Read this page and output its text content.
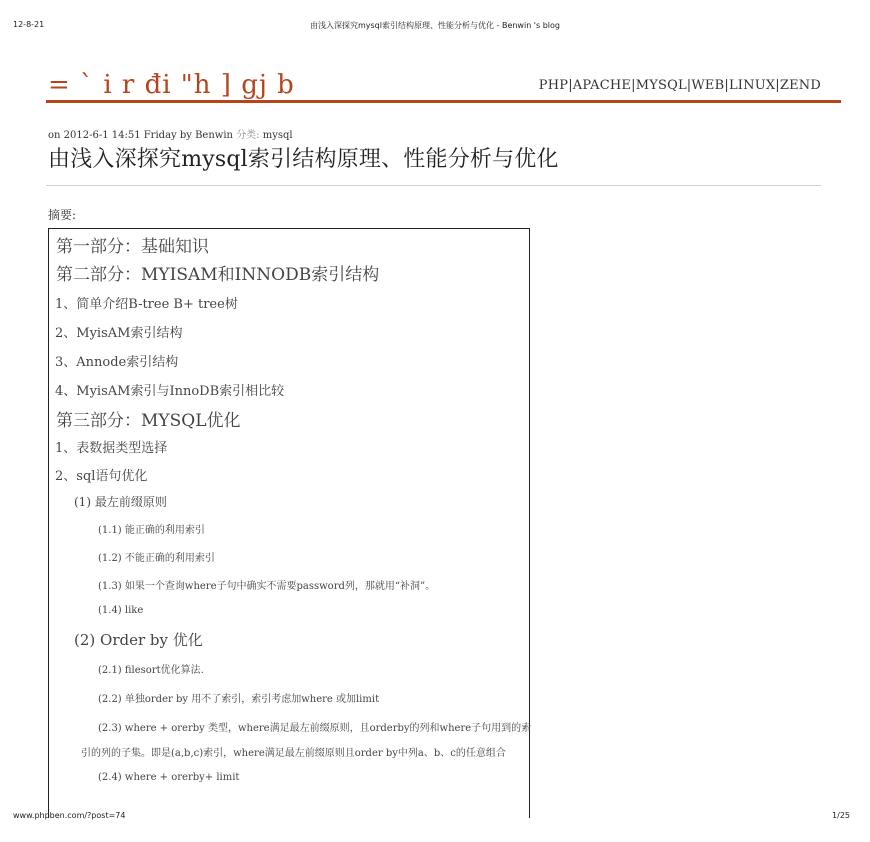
12-8-21	由浅入深探究mysql索引结构原理、性能分析与优化 - Benwin 's blog
= ` i r đi "h ] gj b	PHP|APACHE|MYSQL|WEB|LINUX|ZEND
on 2012-6-1 14:51 Friday by Benwin 分类: mysql
由浅入深探究mysql索引结构原理、性能分析与优化
摘要:
第一部分：基础知识
第二部分：MYISAM和INNODB索引结构
1、简单介绍B-tree B+ tree树
2、MyisAM索引结构
3、Annode索引结构
4、MyisAM索引与InnoDB索引相比较
第三部分：MYSQL优化
1、表数据类型选择
2、sql语句优化
(1) 最左前缀原则
(1.1) 能正确的利用索引
(1.2) 不能正确的利用索引
(1.3) 如果一个查询where子句中确实不需要password列，那就用“补洞”。
(1.4) like
(2) Order by 优化
(2.1) filesort优化算法.
(2.2) 单独order by 用不了索引，索引考虑加where 或加limit
(2.3) where + orerby 类型，where满足最左前缀原则，且orderby的列和where子句用到的索
引的列的子集。即是(a,b,c)索引，where满足最左前缀原则且order by中列a、b、c的任意组合
(2.4) where + orerby+ limit
www.phpben.com/?post=74	1/25
